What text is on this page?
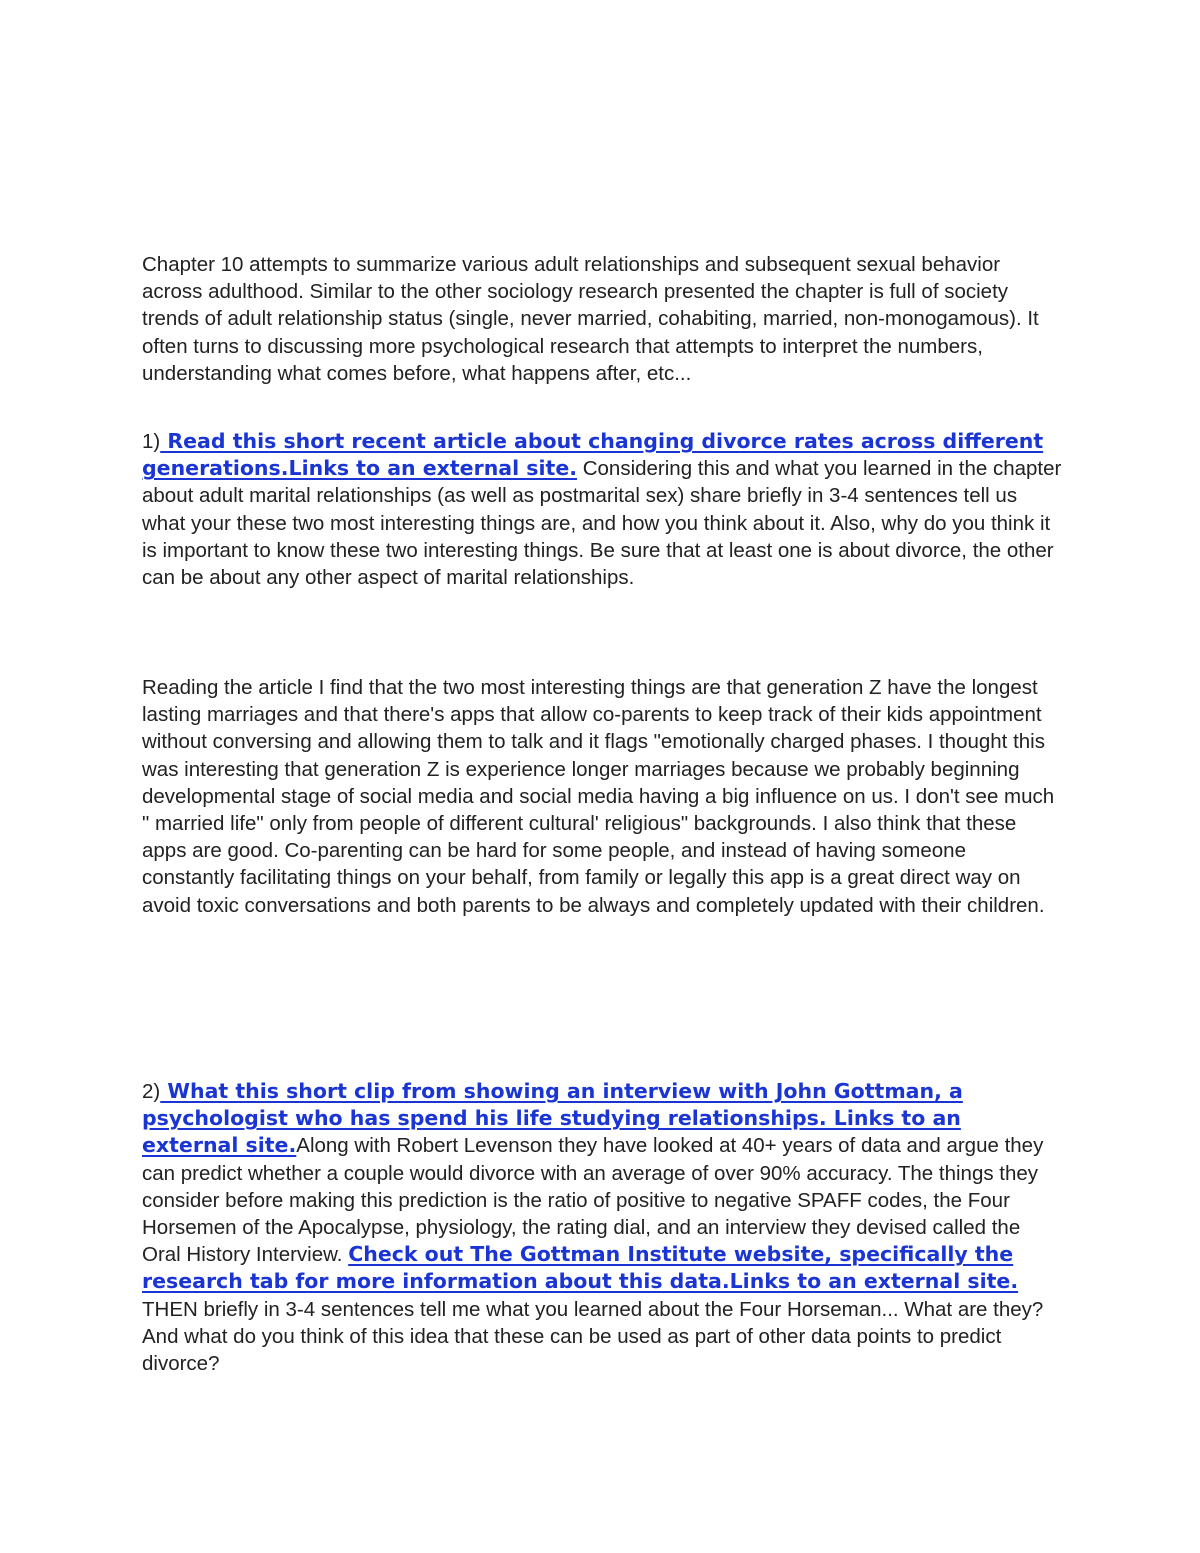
Chapter 10 attempts to summarize various adult relationships and subsequent sexual behavior across adulthood. Similar to the other sociology research presented the chapter is full of society trends of adult relationship status (single, never married, cohabiting, married, non-monogamous). It often turns to discussing more psychological research that attempts to interpret the numbers, understanding what comes before, what happens after, etc...

1) Read this short recent article about changing divorce rates across different generations.Links to an external site. Considering this and what you learned in the chapter about adult marital relationships (as well as postmarital sex) share briefly in 3-4 sentences tell us what your these two most interesting things are, and how you think about it. Also, why do you think it is important to know these two interesting things. Be sure that at least one is about divorce, the other can be about any other aspect of marital relationships.

Reading the article I find that the two most interesting things are that generation Z have the longest lasting marriages and that there's apps that allow co-parents to keep track of their kids appointment without conversing and allowing them to talk and it flags "emotionally charged phases. I thought this was interesting that generation Z is experience longer marriages because we probably beginning developmental stage of social media and social media having a big influence on us. I don't see much " married life" only from people of different cultural' religious" backgrounds. I also think that these apps are good. Co-parenting can be hard for some people, and instead of having someone constantly facilitating things on your behalf, from family or legally this app is a great direct way on avoid toxic conversations and both parents to be always and completely updated with their children.

2) What this short clip from showing an interview with John Gottman, a psychologist who has spend his life studying relationships. Links to an external site.Along with Robert Levenson they have looked at 40+ years of data and argue they can predict whether a couple would divorce with an average of over 90% accuracy. The things they consider before making this prediction is the ratio of positive to negative SPAFF codes, the Four Horsemen of the Apocalypse, physiology, the rating dial, and an interview they devised called the Oral History Interview. Check out The Gottman Institute website, specifically the research tab for more information about this data.Links to an external site. THEN briefly in 3-4 sentences tell me what you learned about the Four Horseman... What are they? And what do you think of this idea that these can be used as part of other data points to predict divorce?
